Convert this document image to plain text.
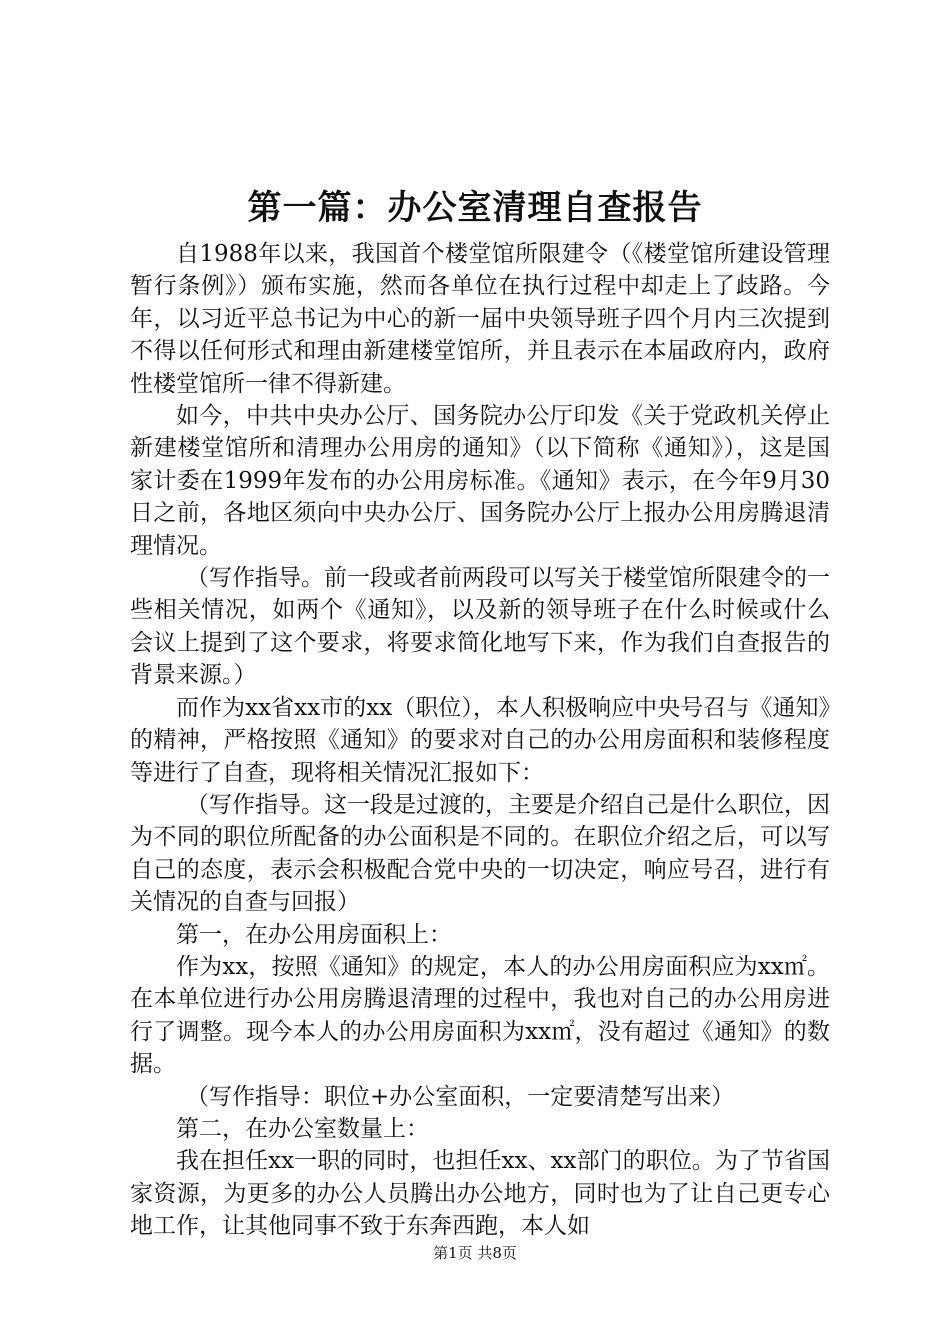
第一篇：办公室清理自查报告

自1988年以来，我国首个楼堂馆所限建令（《楼堂馆所建设管理暂行条例》）颁布实施，然而各单位在执行过程中却走上了歧路。今年，以习近平总书记为中心的新一届中央领导班子四个月内三次提到不得以任何形式和理由新建楼堂馆所，并且表示在本届政府内，政府性楼堂馆所一律不得新建。

如今，中共中央办公厅、国务院办公厅印发《关于党政机关停止新建楼堂馆所和清理办公用房的通知》（以下简称《通知》），这是国家计委在1999年发布的办公用房标准。《通知》表示，在今年9月30日之前，各地区须向中央办公厅、国务院办公厅上报办公用房腾退清理情况。

（写作指导。前一段或者前两段可以写关于楼堂馆所限建令的一些相关情况，如两个《通知》，以及新的领导班子在什么时候或什么会议上提到了这个要求，将要求简化地写下来，作为我们自查报告的背景来源。）

而作为xx省xx市的xx（职位），本人积极响应中央号召与《通知》的精神，严格按照《通知》的要求对自己的办公用房面积和装修程度等进行了自查，现将相关情况汇报如下：

（写作指导。这一段是过渡的，主要是介绍自己是什么职位，因为不同的职位所配备的办公面积是不同的。在职位介绍之后，可以写自己的态度，表示会积极配合党中央的一切决定，响应号召，进行有关情况的自查与回报）

第一，在办公用房面积上：

作为xx，按照《通知》的规定，本人的办公用房面积应为xx㎡。在本单位进行办公用房腾退清理的过程中，我也对自己的办公用房进行了调整。现今本人的办公用房面积为xx㎡，没有超过《通知》的数据。

（写作指导：职位+办公室面积，一定要清楚写出来）

第二，在办公室数量上：

我在担任xx一职的同时，也担任xx、xx部门的职位。为了节省国家资源，为更多的办公人员腾出办公地方，同时也为了让自己更专心地工作，让其他同事不致于东奔西跑，本人如

第1页 共8页
